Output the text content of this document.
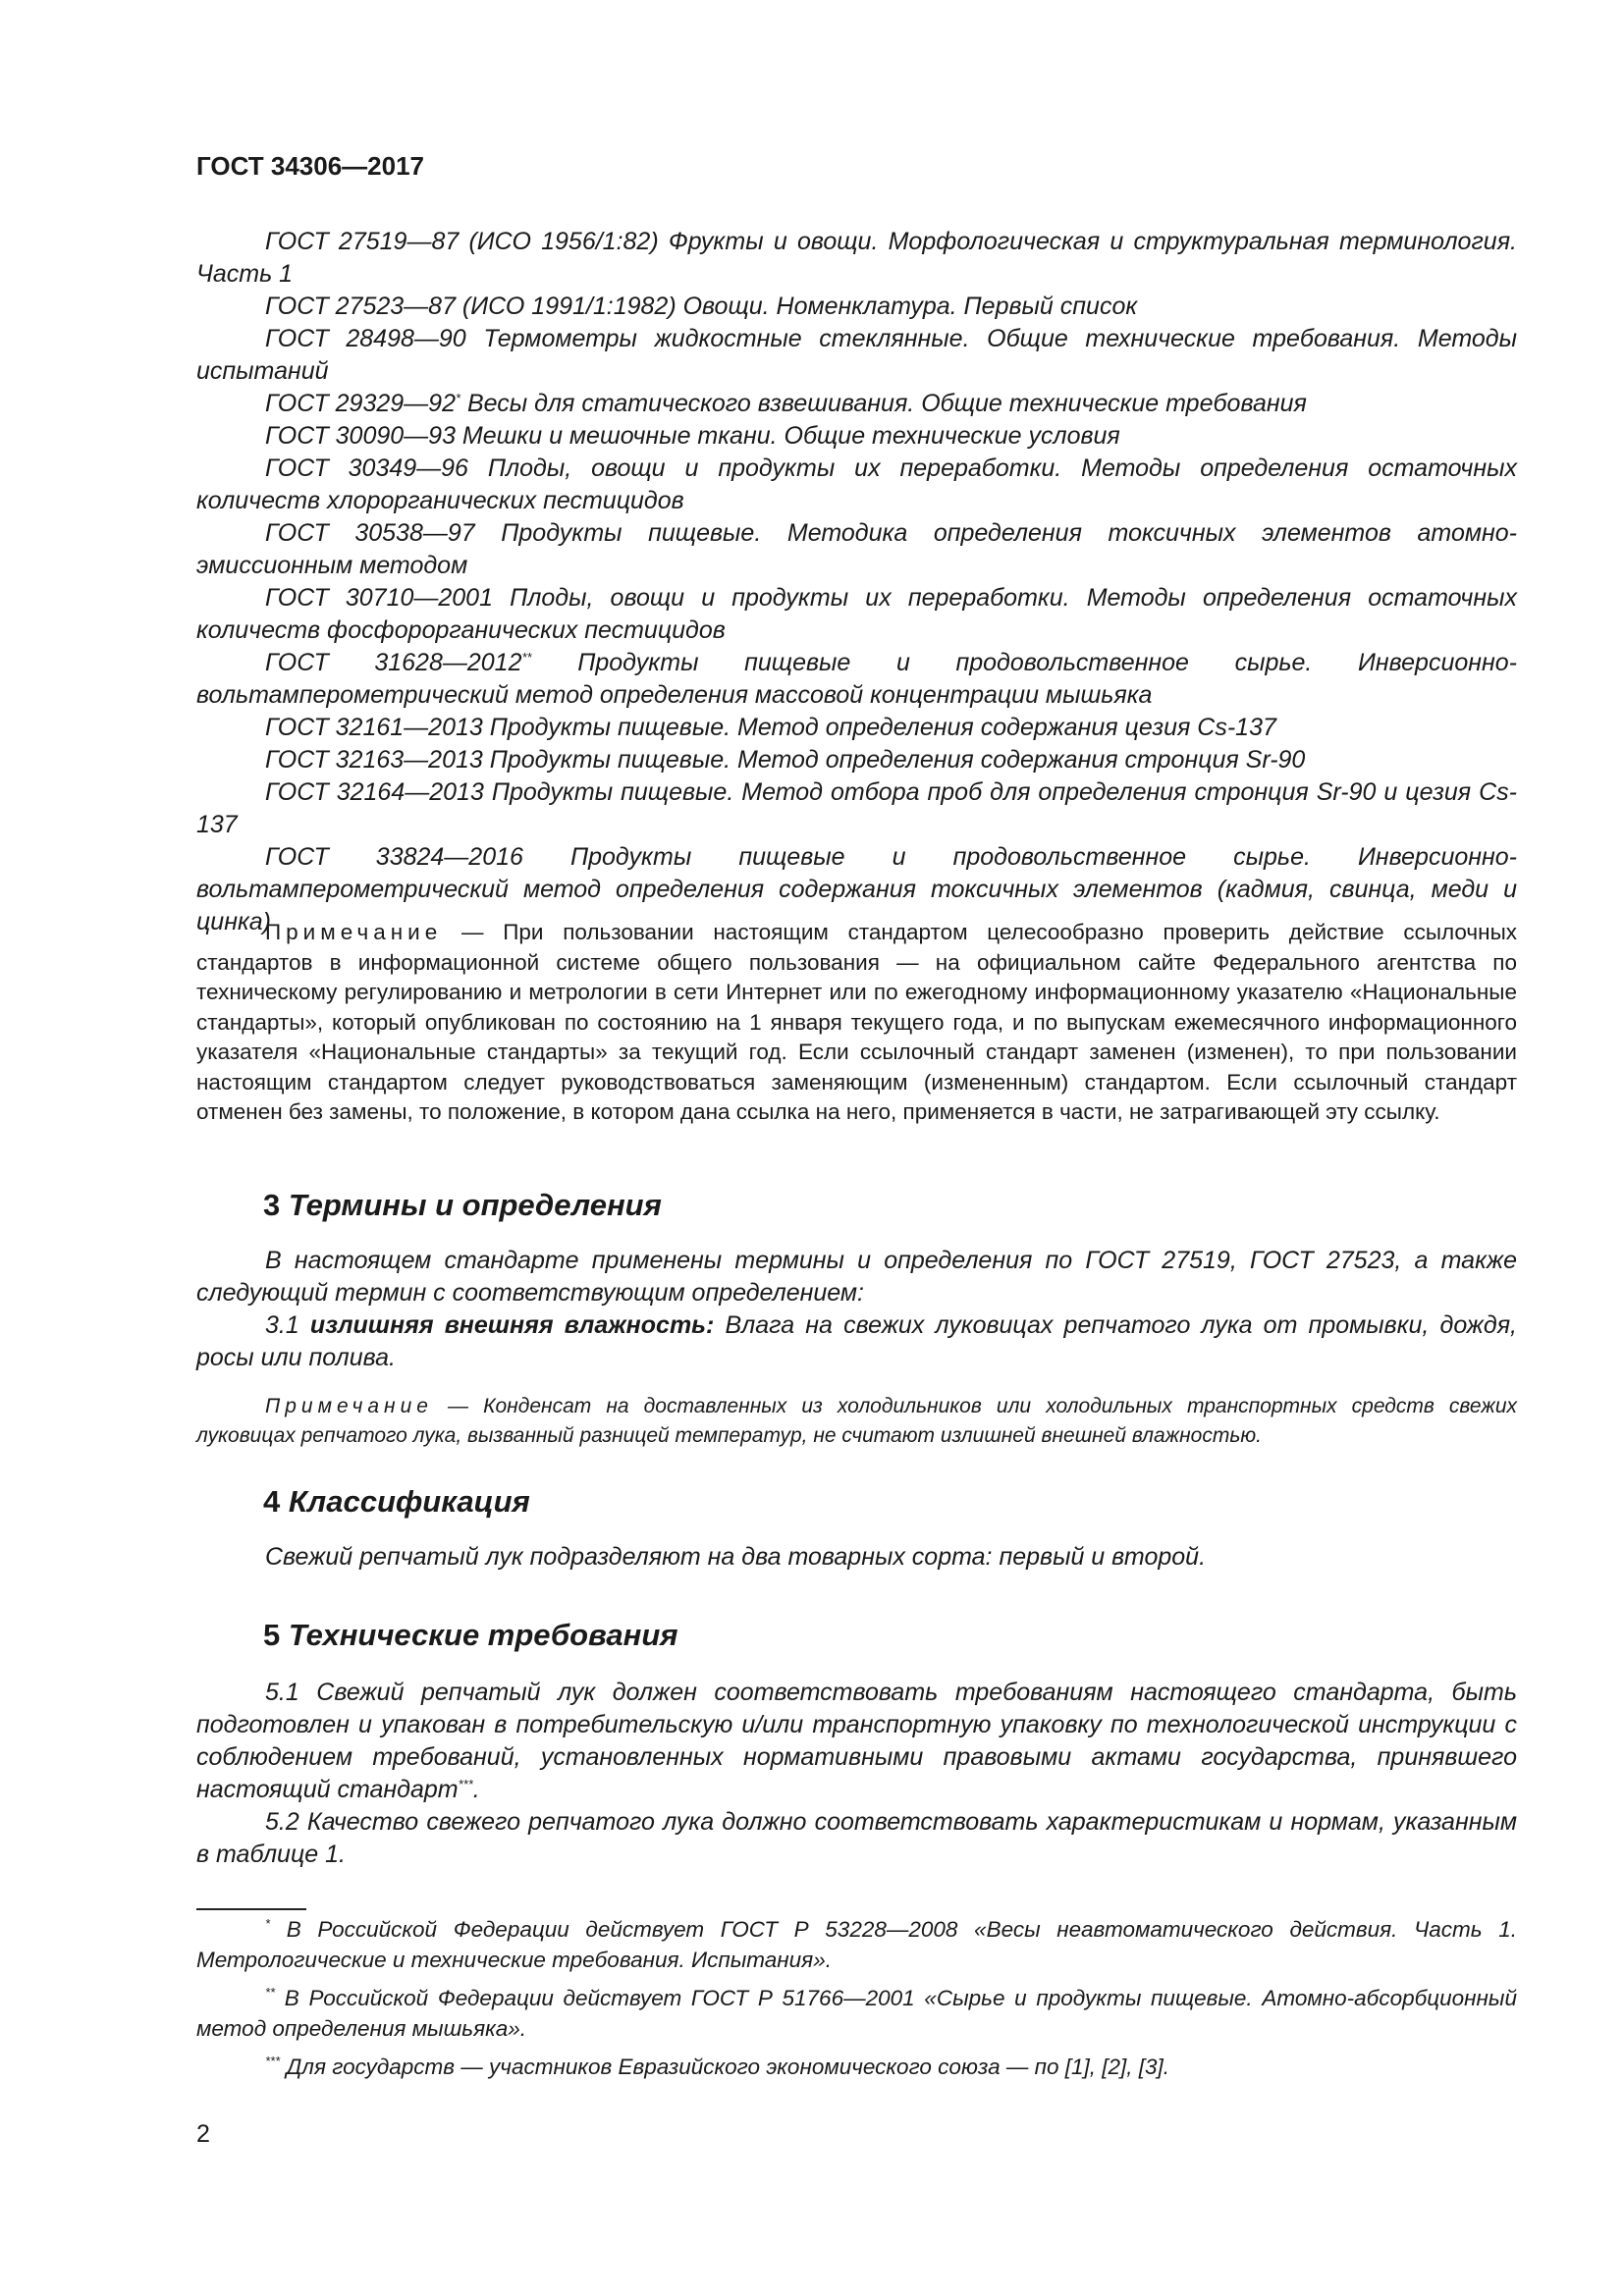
ГОСТ 34306—2017

ГОСТ 27519—87 (ИСО 1956/1:82) Фрукты и овощи. Морфологическая и структуральная терминология. Часть 1

ГОСТ 27523—87 (ИСО 1991/1:1982) Овощи. Номенклатура. Первый список

ГОСТ 28498—90 Термометры жидкостные стеклянные. Общие технические требования. Методы испытаний

ГОСТ 29329—92* Весы для статического взвешивания. Общие технические требования

ГОСТ 30090—93 Мешки и мешочные ткани. Общие технические условия

ГОСТ 30349—96 Плоды, овощи и продукты их переработки. Методы определения остаточных количеств хлорорганических пестицидов

ГОСТ 30538—97 Продукты пищевые. Методика определения токсичных элементов атомно-эмиссионным методом

ГОСТ 30710—2001 Плоды, овощи и продукты их переработки. Методы определения остаточных количеств фосфорорганических пестицидов

ГОСТ 31628—2012** Продукты пищевые и продовольственное сырье. Инверсионно-вольтамперометрический метод определения массовой концентрации мышьяка

ГОСТ 32161—2013 Продукты пищевые. Метод определения содержания цезия Cs-137

ГОСТ 32163—2013 Продукты пищевые. Метод определения содержания стронция Sr-90

ГОСТ 32164—2013 Продукты пищевые. Метод отбора проб для определения стронция Sr-90 и цезия Cs-137

ГОСТ 33824—2016 Продукты пищевые и продовольственное сырье. Инверсионно-вольтамперометрический метод определения содержания токсичных элементов (кадмия, свинца, меди и цинка)

Примечание — При пользовании настоящим стандартом целесообразно проверить действие ссылочных стандартов в информационной системе общего пользования — на официальном сайте Федерального агентства по техническому регулированию и метрологии в сети Интернет или по ежегодному информационному указателю «Национальные стандарты», который опубликован по состоянию на 1 января текущего года, и по выпускам ежемесячного информационного указателя «Национальные стандарты» за текущий год. Если ссылочный стандарт заменен (изменен), то при пользовании настоящим стандартом следует руководствоваться заменяющим (измененным) стандартом. Если ссылочный стандарт отменен без замены, то положение, в котором дана ссылка на него, применяется в части, не затрагивающей эту ссылку.

3 Термины и определения

В настоящем стандарте применены термины и определения по ГОСТ 27519, ГОСТ 27523, а также следующий термин с соответствующим определением:

3.1 излишняя внешняя влажность: Влага на свежих луковицах репчатого лука от промывки, дождя, росы или полива.

Примечание — Конденсат на доставленных из холодильников или холодильных транспортных средств свежих луковицах репчатого лука, вызванный разницей температур, не считают излишней внешней влажностью.

4 Классификация

Свежий репчатый лук подразделяют на два товарных сорта: первый и второй.

5 Технические требования

5.1 Свежий репчатый лук должен соответствовать требованиям настоящего стандарта, быть подготовлен и упакован в потребительскую и/или транспортную упаковку по технологической инструкции с соблюдением требований, установленных нормативными правовыми актами государства, принявшего настоящий стандарт***.

5.2 Качество свежего репчатого лука должно соответствовать характеристикам и нормам, указанным в таблице 1.

* В Российской Федерации действует ГОСТ Р 53228—2008 «Весы неавтоматического действия. Часть 1. Метрологические и технические требования. Испытания».

** В Российской Федерации действует ГОСТ Р 51766—2001 «Сырье и продукты пищевые. Атомно-абсорбционный метод определения мышьяка».

*** Для государств — участников Евразийского экономического союза — по [1], [2], [3].

2
